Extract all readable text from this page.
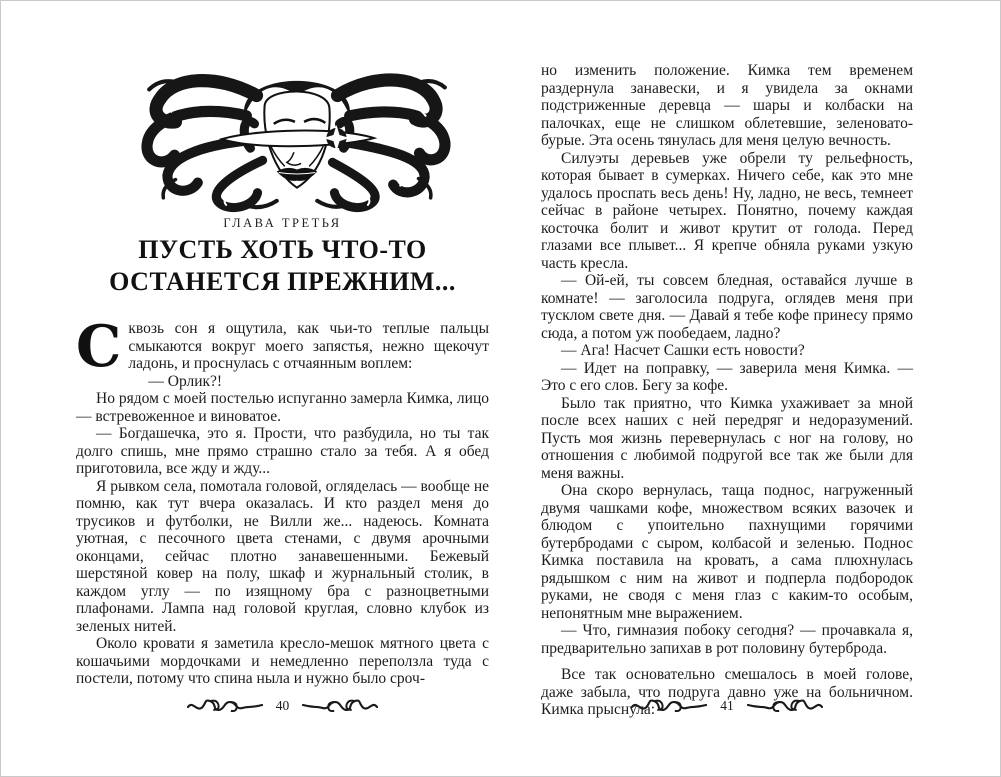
ГЛАВА ТРЕТЬЯ
ПУСТЬ ХОТЬ ЧТО-ТО
ОСТАНЕТСЯ ПРЕЖНИМ...

Сквозь сон я ощутила, как чьи-то теплые пальцы смыкаются вокруг моего запястья, нежно щекочут ладонь, и проснулась с отчаянным воплем:

— Орлик?!

Но рядом с моей постелью испуганно замерла Кимка, лицо — встревоженное и виноватое.

— Богдашечка, это я. Прости, что разбудила, но ты так долго спишь, мне прямо страшно стало за тебя. А я обед приготовила, все жду и жду...

Я рывком села, помотала головой, огляделась — вообще не помню, как тут вчера оказалась. И кто раздел меня до трусиков и футболки, не Вилли же... надеюсь. Комната уютная, с песочного цвета стенами, с двумя арочными оконцами, сейчас плотно занавешенными. Бежевый шерстяной ковер на полу, шкаф и журнальный столик, в каждом углу — по изящному бра с разноцветными плафонами. Лампа над головой круглая, словно клубок из зеленых нитей.

Около кровати я заметила кресло-мешок мятного цвета с кошачьими мордочками и немедленно переползла туда с постели, потому что спина ныла и нужно было сроч-

но изменить положение. Кимка тем временем раздернула занавески, и я увидела за окнами подстриженные деревца — шары и колбаски на палочках, еще не слишком облетевшие, зеленовато-бурые. Эта осень тянулась для меня целую вечность.

Силуэты деревьев уже обрели ту рельефность, которая бывает в сумерках. Ничего себе, как это мне удалось проспать весь день! Ну, ладно, не весь, темнеет сейчас в районе четырех. Понятно, почему каждая косточка болит и живот крутит от голода. Перед глазами все плывет... Я крепче обняла руками узкую часть кресла.

— Ой-ей, ты совсем бледная, оставайся лучше в комнате! — заголосила подруга, оглядев меня при тусклом свете дня. — Давай я тебе кофе принесу прямо сюда, а потом уж пообедаем, ладно?

— Ага! Насчет Сашки есть новости?

— Идет на поправку, — заверила меня Кимка. — Это с его слов. Бегу за кофе.

Было так приятно, что Кимка ухаживает за мной после всех наших с ней передряг и недоразумений. Пусть моя жизнь перевернулась с ног на голову, но отношения с любимой подругой все так же были для меня важны.

Она скоро вернулась, таща поднос, нагруженный двумя чашками кофе, множеством всяких вазочек и блюдом с упоительно пахнущими горячими бутербродами с сыром, колбасой и зеленью. Поднос Кимка поставила на кровать, а сама плюхнулась рядышком с ним на живот и подперла подбородок руками, не сводя с меня глаз с каким-то особым, непонятным мне выражением.

— Что, гимназия побоку сегодня? — прочавкала я, предварительно запихав в рот половину бутерброда.

Все так основательно смешалось в моей голове, даже забыла, что подруга давно уже на больничном. Кимка прыснула:

40	41
